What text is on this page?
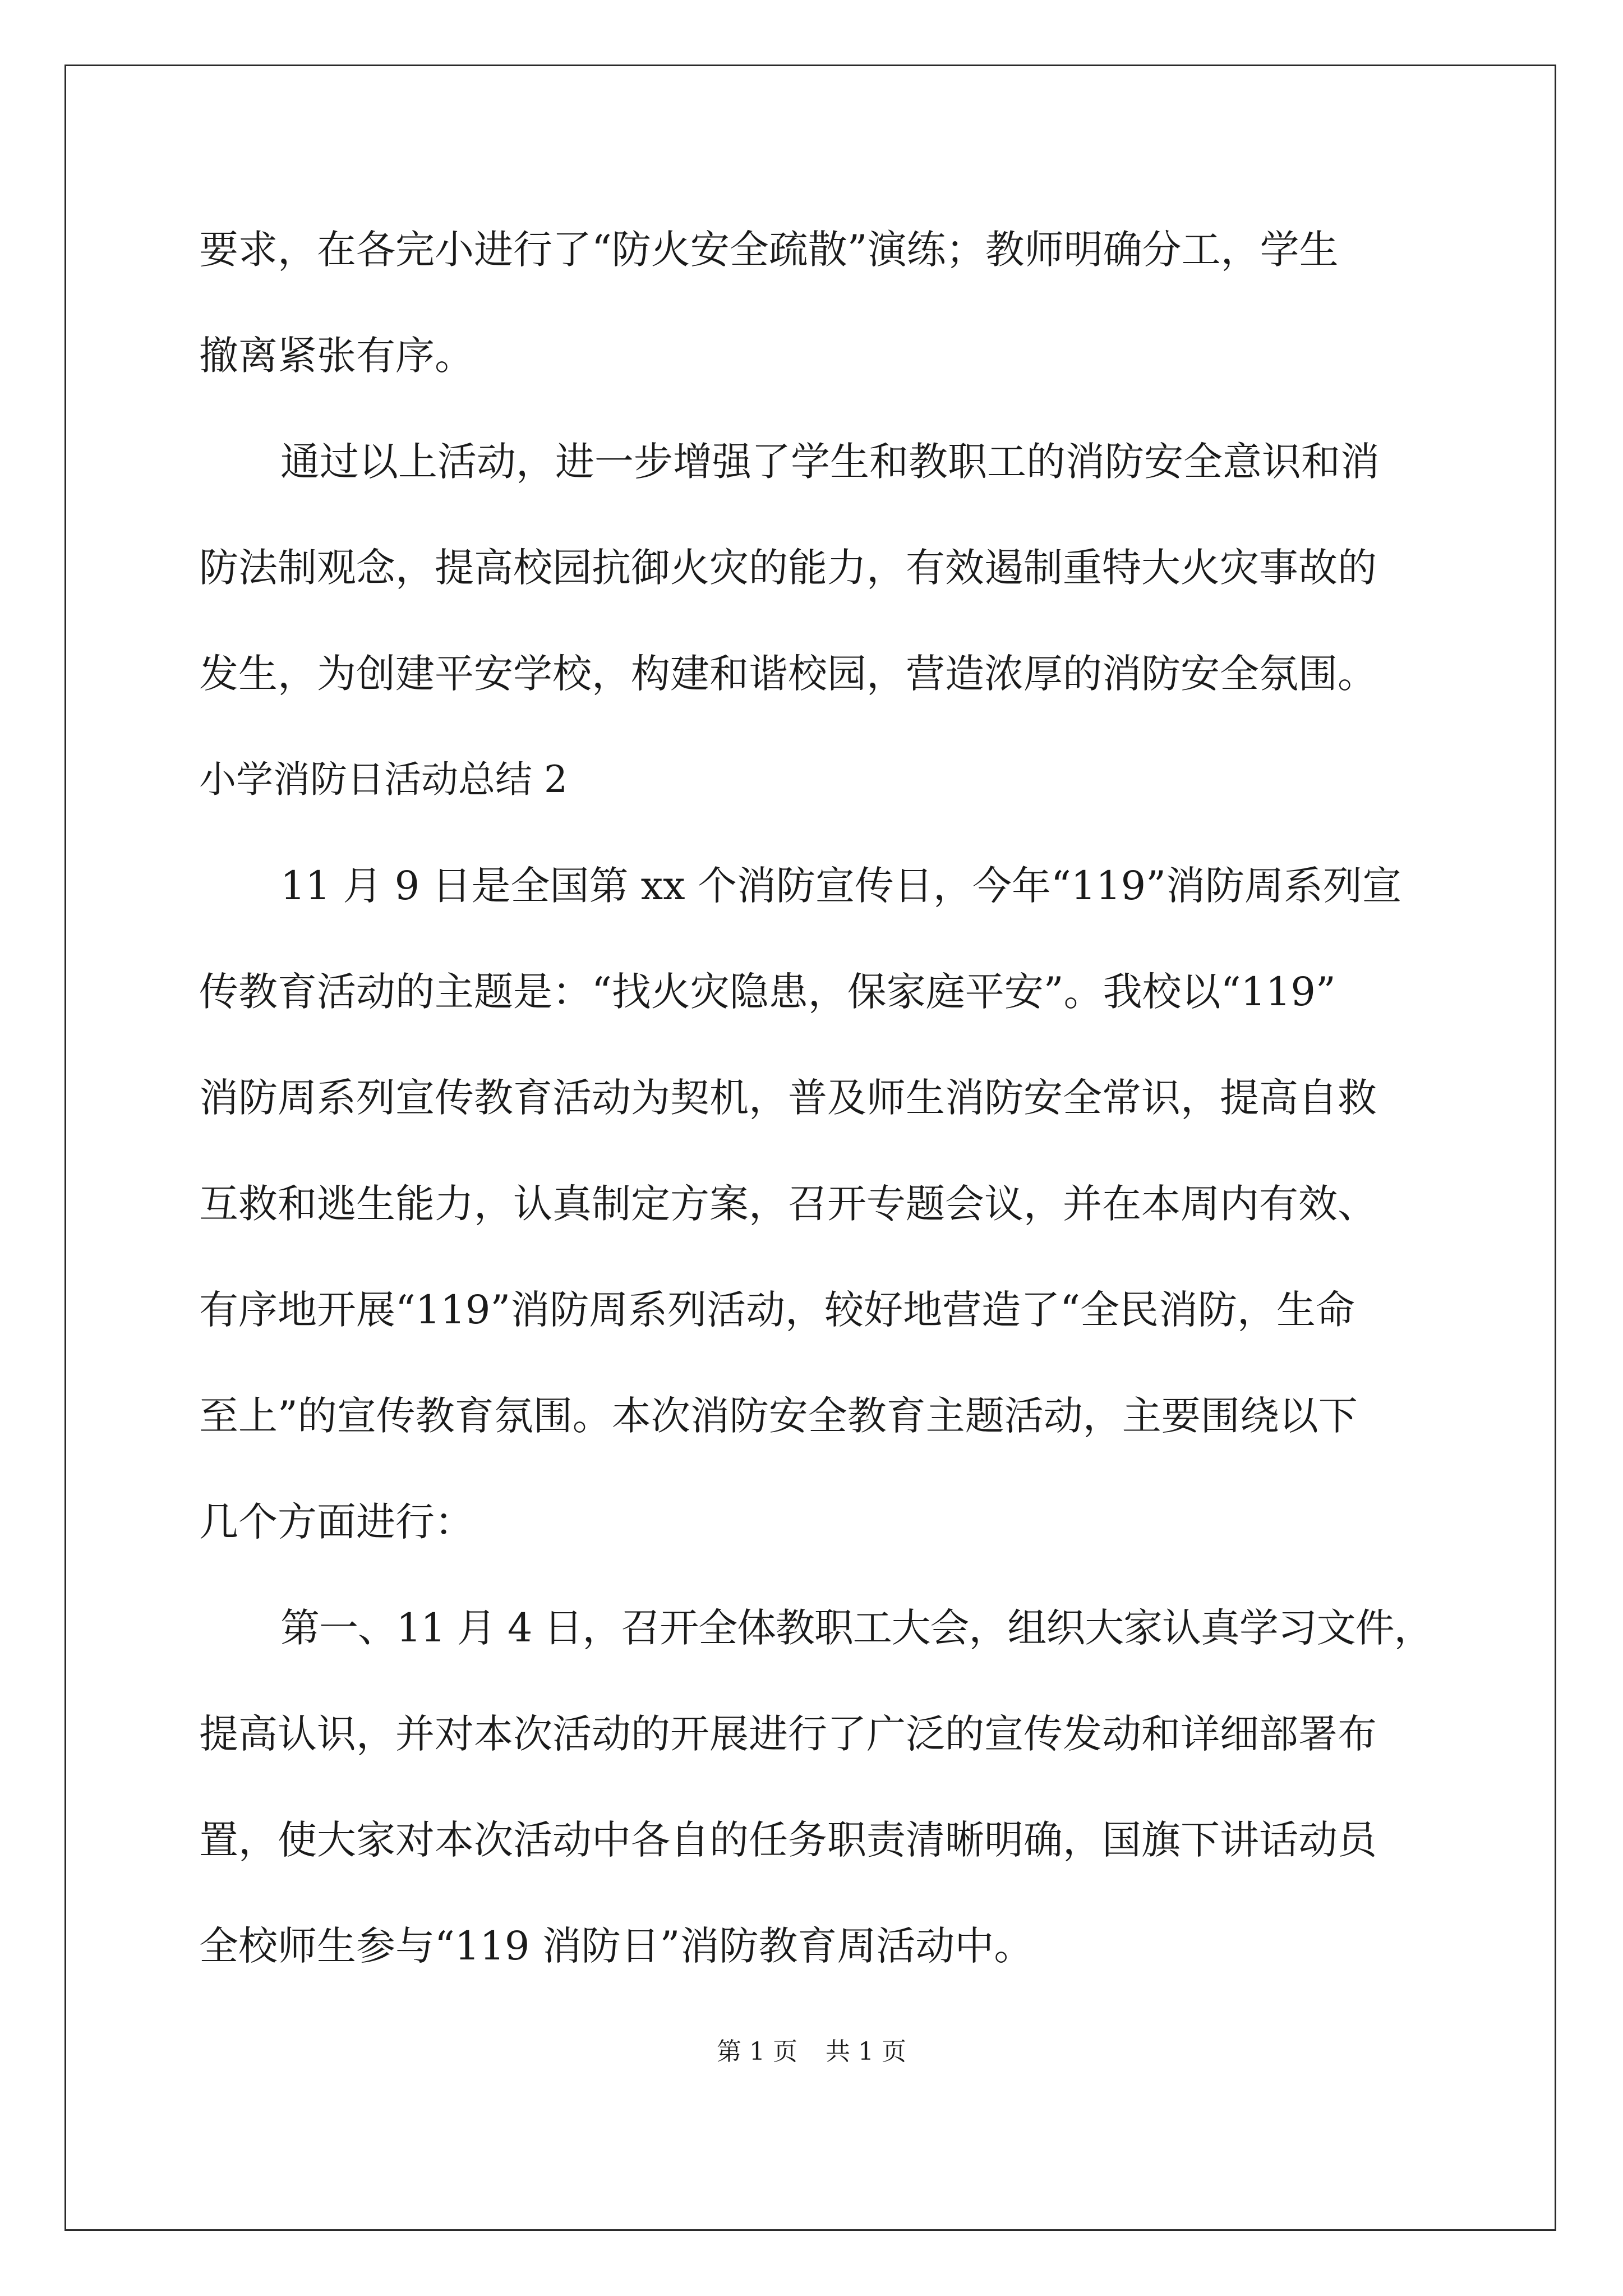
要求，在各完小进行了“防火安全疏散”演练；教师明确分工，学生
撤离紧张有序。
通过以上活动，进一步增强了学生和教职工的消防安全意识和消
防法制观念，提高校园抗御火灾的能力，有效遏制重特大火灾事故的
发生，为创建平安学校，构建和谐校园，营造浓厚的消防安全氛围。
小学消防日活动总结 2
11 月 9 日是全国第 xx 个消防宣传日，今年“119”消防周系列宣
传教育活动的主题是：“找火灾隐患，保家庭平安”。我校以“119”
消防周系列宣传教育活动为契机，普及师生消防安全常识，提高自救
互救和逃生能力，认真制定方案，召开专题会议，并在本周内有效、
有序地开展“119”消防周系列活动，较好地营造了“全民消防，生命
至上”的宣传教育氛围。本次消防安全教育主题活动，主要围绕以下
几个方面进行：
第一、11 月 4 日，召开全体教职工大会，组织大家认真学习文件，
提高认识，并对本次活动的开展进行了广泛的宣传发动和详细部署布
置，使大家对本次活动中各自的任务职责清晰明确，国旗下讲话动员
全校师生参与“119 消防日”消防教育周活动中。
第 1 页 共 1 页
